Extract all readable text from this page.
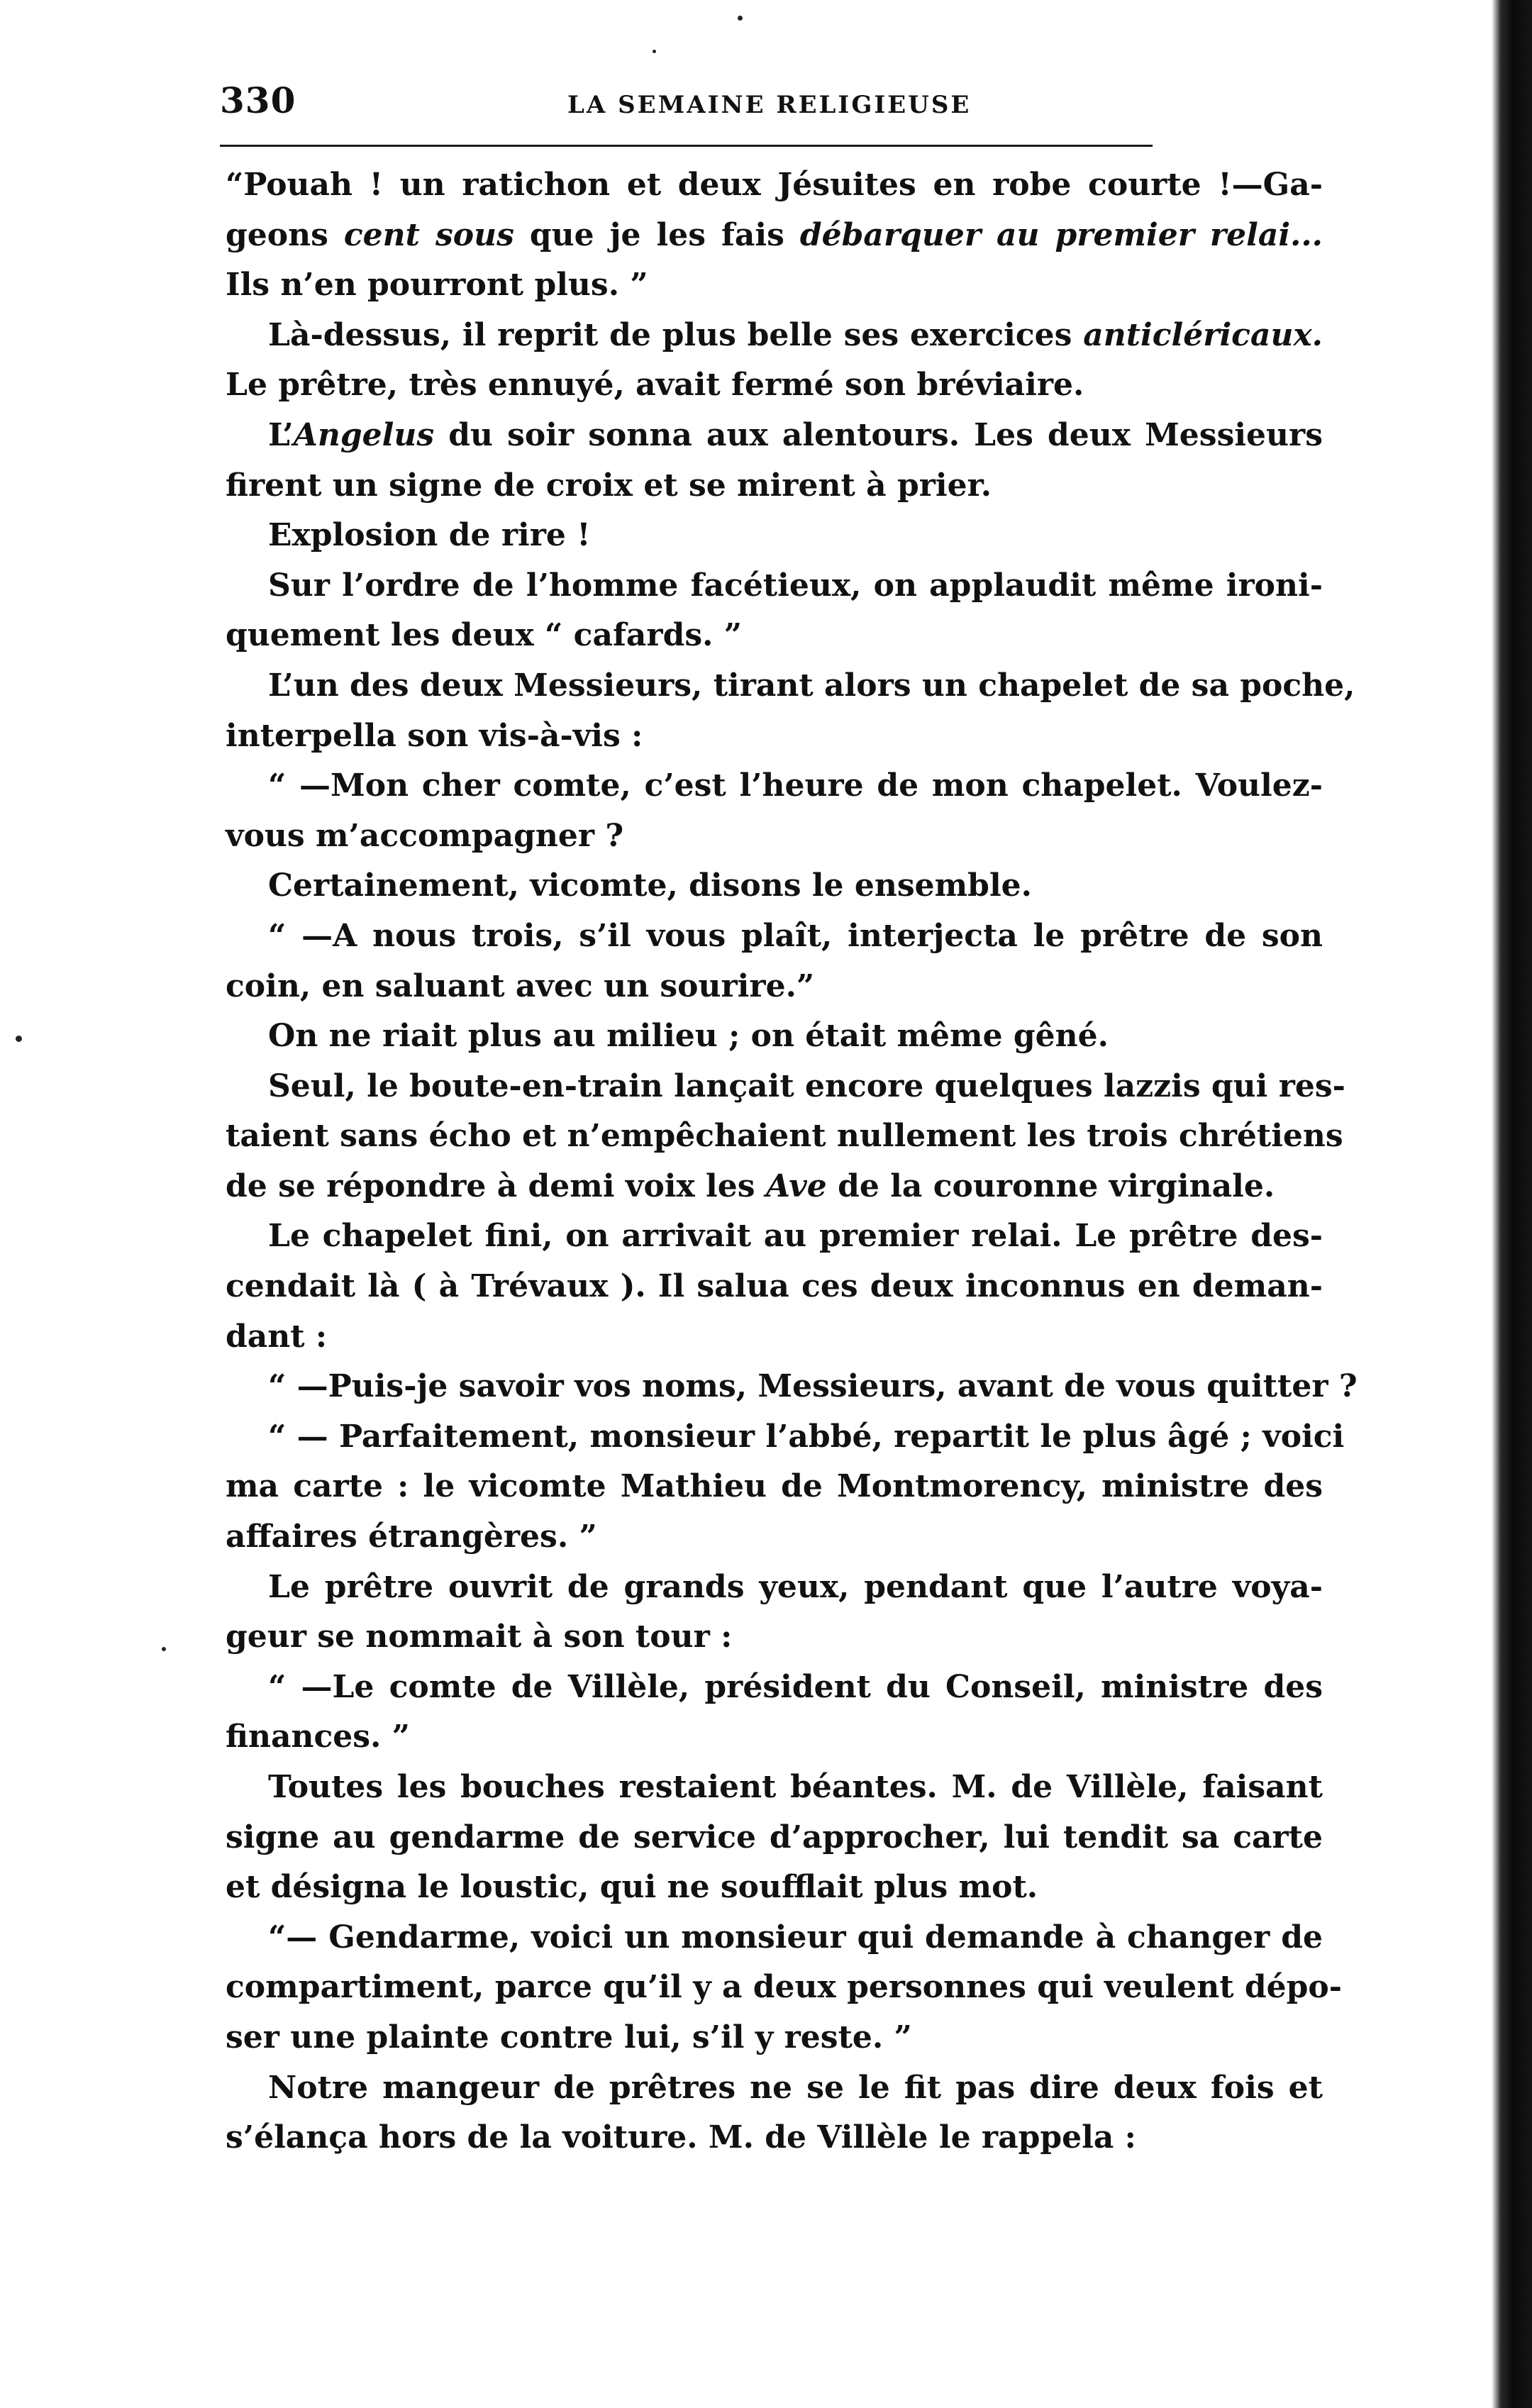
330	LA SEMAINE RELIGIEUSE
“Pouah ! un ratichon et deux Jésuites en robe courte !—Ga-
geons cent sous que je les fais débarquer au premier relai...
Ils n’en pourront plus. ”
Là-dessus, il reprit de plus belle ses exercices anticléricaux.
Le prêtre, très ennuyé, avait fermé son bréviaire.
L’Angelus du soir sonna aux alentours. Les deux Messieurs
firent un signe de croix et se mirent à prier.
Explosion de rire !
Sur l’ordre de l’homme facétieux, on applaudit même ironi-
quement les deux “ cafards. ”
L’un des deux Messieurs, tirant alors un chapelet de sa poche,
interpella son vis-à-vis :
“ —Mon cher comte, c’est l’heure de mon chapelet. Voulez-
vous m’accompagner ?
Certainement, vicomte, disons le ensemble.
“ —A nous trois, s’il vous plaît, interjecta le prêtre de son
coin, en saluant avec un sourire.”
On ne riait plus au milieu ; on était même gêné.
Seul, le boute-en-train lançait encore quelques lazzis qui res-
taient sans écho et n’empêchaient nullement les trois chrétiens
de se répondre à demi voix les Ave de la couronne virginale.
Le chapelet fini, on arrivait au premier relai. Le prêtre des-
cendait là ( à Trévaux ). Il salua ces deux inconnus en deman-
dant :
“ —Puis-je savoir vos noms, Messieurs, avant de vous quitter ?
“ — Parfaitement, monsieur l’abbé, repartit le plus âgé ; voici
ma carte : le vicomte Mathieu de Montmorency, ministre des
affaires étrangères. ”
Le prêtre ouvrit de grands yeux, pendant que l’autre voya-
geur se nommait à son tour :
“ —Le comte de Villèle, président du Conseil, ministre des
finances. ”
Toutes les bouches restaient béantes. M. de Villèle, faisant
signe au gendarme de service d’approcher, lui tendit sa carte
et désigna le loustic, qui ne soufflait plus mot.
“— Gendarme, voici un monsieur qui demande à changer de
compartiment, parce qu’il y a deux personnes qui veulent dépo-
ser une plainte contre lui, s’il y reste. ”
Notre mangeur de prêtres ne se le fit pas dire deux fois et
s’élança hors de la voiture. M. de Villèle le rappela :
